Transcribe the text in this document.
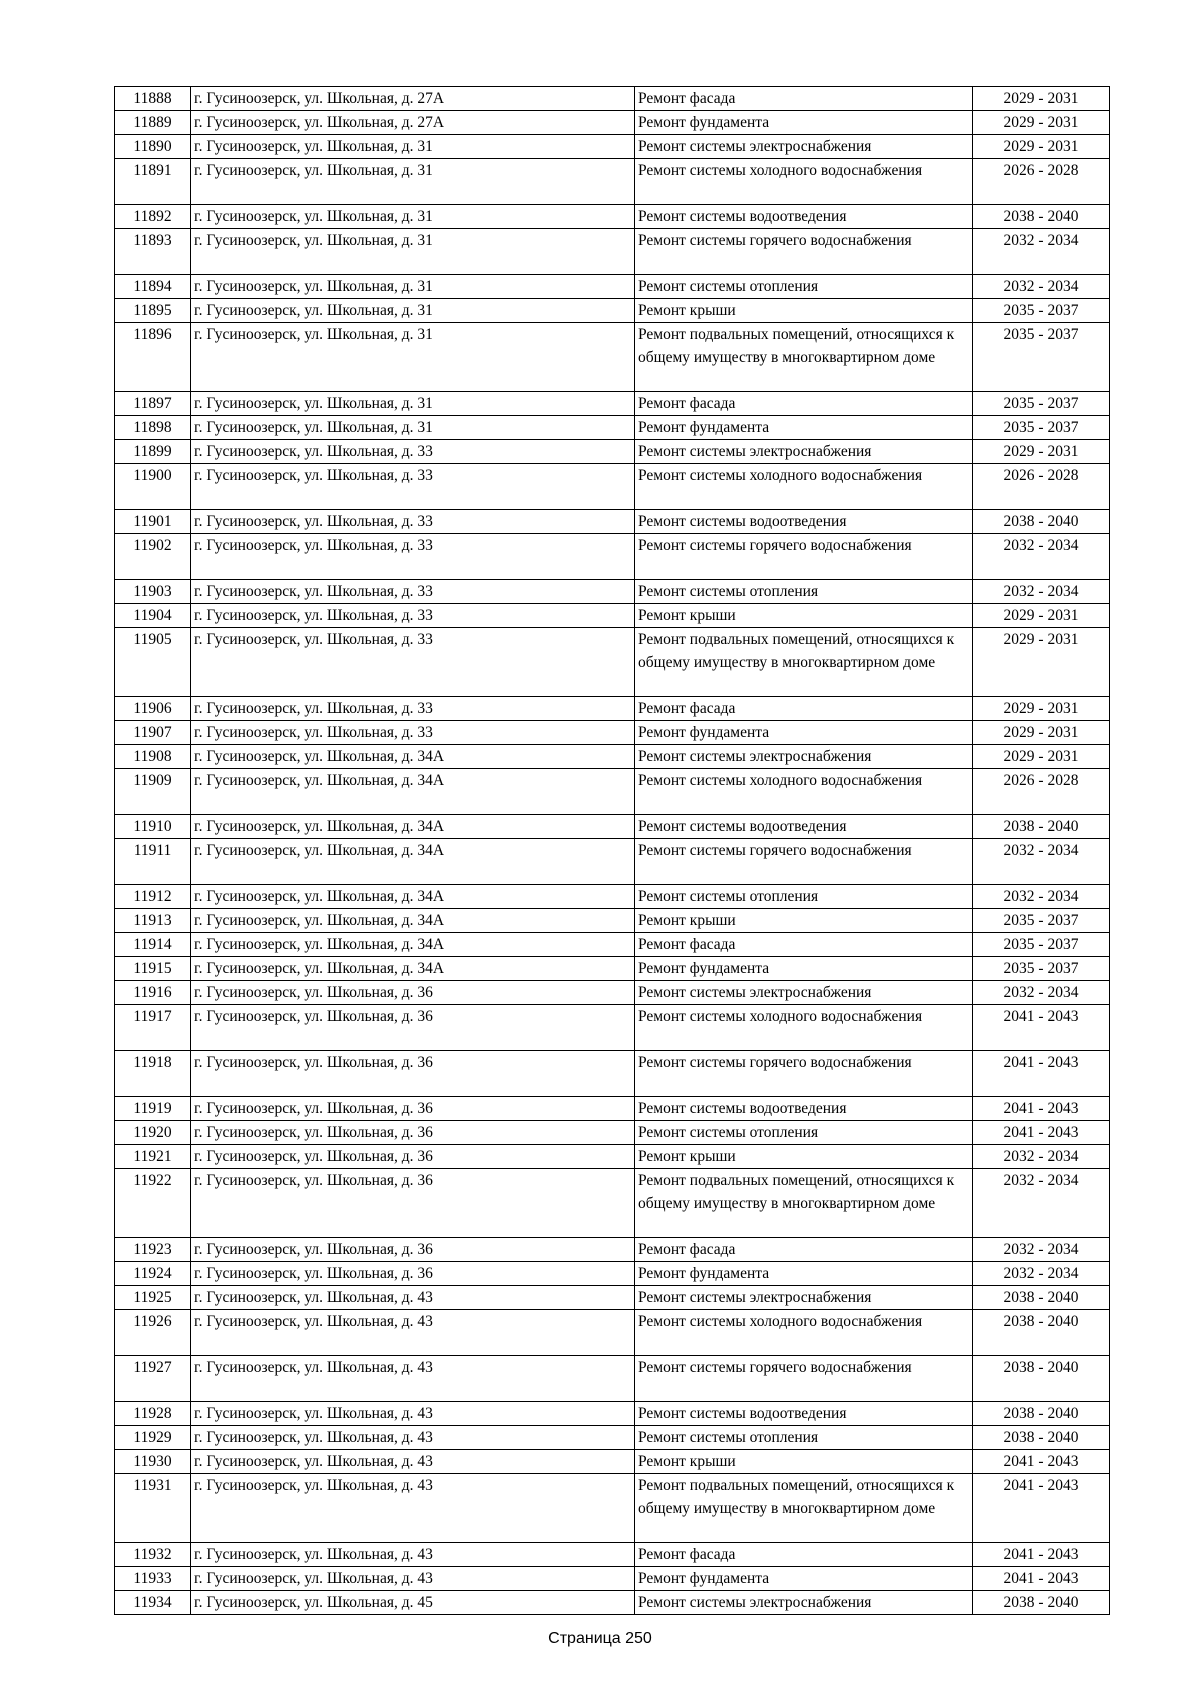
11888	г. Гусиноозерск, ул. Школьная, д. 27А	Ремонт фасада	2029 - 2031
11889	г. Гусиноозерск, ул. Школьная, д. 27А	Ремонт фундамента	2029 - 2031
11890	г. Гусиноозерск, ул. Школьная, д. 31	Ремонт системы электроснабжения	2029 - 2031
11891	г. Гусиноозерск, ул. Школьная, д. 31	Ремонт системы холодного водоснабжения	2026 - 2028
11892	г. Гусиноозерск, ул. Школьная, д. 31	Ремонт системы водоотведения	2038 - 2040
11893	г. Гусиноозерск, ул. Школьная, д. 31	Ремонт системы горячего водоснабжения	2032 - 2034
11894	г. Гусиноозерск, ул. Школьная, д. 31	Ремонт системы отопления	2032 - 2034
11895	г. Гусиноозерск, ул. Школьная, д. 31	Ремонт крыши	2035 - 2037
11896	г. Гусиноозерск, ул. Школьная, д. 31	Ремонт подвальных помещений, относящихся к общему имуществу в многоквартирном доме	2035 - 2037
11897	г. Гусиноозерск, ул. Школьная, д. 31	Ремонт фасада	2035 - 2037
11898	г. Гусиноозерск, ул. Школьная, д. 31	Ремонт фундамента	2035 - 2037
11899	г. Гусиноозерск, ул. Школьная, д. 33	Ремонт системы электроснабжения	2029 - 2031
11900	г. Гусиноозерск, ул. Школьная, д. 33	Ремонт системы холодного водоснабжения	2026 - 2028
11901	г. Гусиноозерск, ул. Школьная, д. 33	Ремонт системы водоотведения	2038 - 2040
11902	г. Гусиноозерск, ул. Школьная, д. 33	Ремонт системы горячего водоснабжения	2032 - 2034
11903	г. Гусиноозерск, ул. Школьная, д. 33	Ремонт системы отопления	2032 - 2034
11904	г. Гусиноозерск, ул. Школьная, д. 33	Ремонт крыши	2029 - 2031
11905	г. Гусиноозерск, ул. Школьная, д. 33	Ремонт подвальных помещений, относящихся к общему имуществу в многоквартирном доме	2029 - 2031
11906	г. Гусиноозерск, ул. Школьная, д. 33	Ремонт фасада	2029 - 2031
11907	г. Гусиноозерск, ул. Школьная, д. 33	Ремонт фундамента	2029 - 2031
11908	г. Гусиноозерск, ул. Школьная, д. 34А	Ремонт системы электроснабжения	2029 - 2031
11909	г. Гусиноозерск, ул. Школьная, д. 34А	Ремонт системы холодного водоснабжения	2026 - 2028
11910	г. Гусиноозерск, ул. Школьная, д. 34А	Ремонт системы водоотведения	2038 - 2040
11911	г. Гусиноозерск, ул. Школьная, д. 34А	Ремонт системы горячего водоснабжения	2032 - 2034
11912	г. Гусиноозерск, ул. Школьная, д. 34А	Ремонт системы отопления	2032 - 2034
11913	г. Гусиноозерск, ул. Школьная, д. 34А	Ремонт крыши	2035 - 2037
11914	г. Гусиноозерск, ул. Школьная, д. 34А	Ремонт фасада	2035 - 2037
11915	г. Гусиноозерск, ул. Школьная, д. 34А	Ремонт фундамента	2035 - 2037
11916	г. Гусиноозерск, ул. Школьная, д. 36	Ремонт системы электроснабжения	2032 - 2034
11917	г. Гусиноозерск, ул. Школьная, д. 36	Ремонт системы холодного водоснабжения	2041 - 2043
11918	г. Гусиноозерск, ул. Школьная, д. 36	Ремонт системы горячего водоснабжения	2041 - 2043
11919	г. Гусиноозерск, ул. Школьная, д. 36	Ремонт системы водоотведения	2041 - 2043
11920	г. Гусиноозерск, ул. Школьная, д. 36	Ремонт системы отопления	2041 - 2043
11921	г. Гусиноозерск, ул. Школьная, д. 36	Ремонт крыши	2032 - 2034
11922	г. Гусиноозерск, ул. Школьная, д. 36	Ремонт подвальных помещений, относящихся к общему имуществу в многоквартирном доме	2032 - 2034
11923	г. Гусиноозерск, ул. Школьная, д. 36	Ремонт фасада	2032 - 2034
11924	г. Гусиноозерск, ул. Школьная, д. 36	Ремонт фундамента	2032 - 2034
11925	г. Гусиноозерск, ул. Школьная, д. 43	Ремонт системы электроснабжения	2038 - 2040
11926	г. Гусиноозерск, ул. Школьная, д. 43	Ремонт системы холодного водоснабжения	2038 - 2040
11927	г. Гусиноозерск, ул. Школьная, д. 43	Ремонт системы горячего водоснабжения	2038 - 2040
11928	г. Гусиноозерск, ул. Школьная, д. 43	Ремонт системы водоотведения	2038 - 2040
11929	г. Гусиноозерск, ул. Школьная, д. 43	Ремонт системы отопления	2038 - 2040
11930	г. Гусиноозерск, ул. Школьная, д. 43	Ремонт крыши	2041 - 2043
11931	г. Гусиноозерск, ул. Школьная, д. 43	Ремонт подвальных помещений, относящихся к общему имуществу в многоквартирном доме	2041 - 2043
11932	г. Гусиноозерск, ул. Школьная, д. 43	Ремонт фасада	2041 - 2043
11933	г. Гусиноозерск, ул. Школьная, д. 43	Ремонт фундамента	2041 - 2043
11934	г. Гусиноозерск, ул. Школьная, д. 45	Ремонт системы электроснабжения	2038 - 2040
Страница 250
